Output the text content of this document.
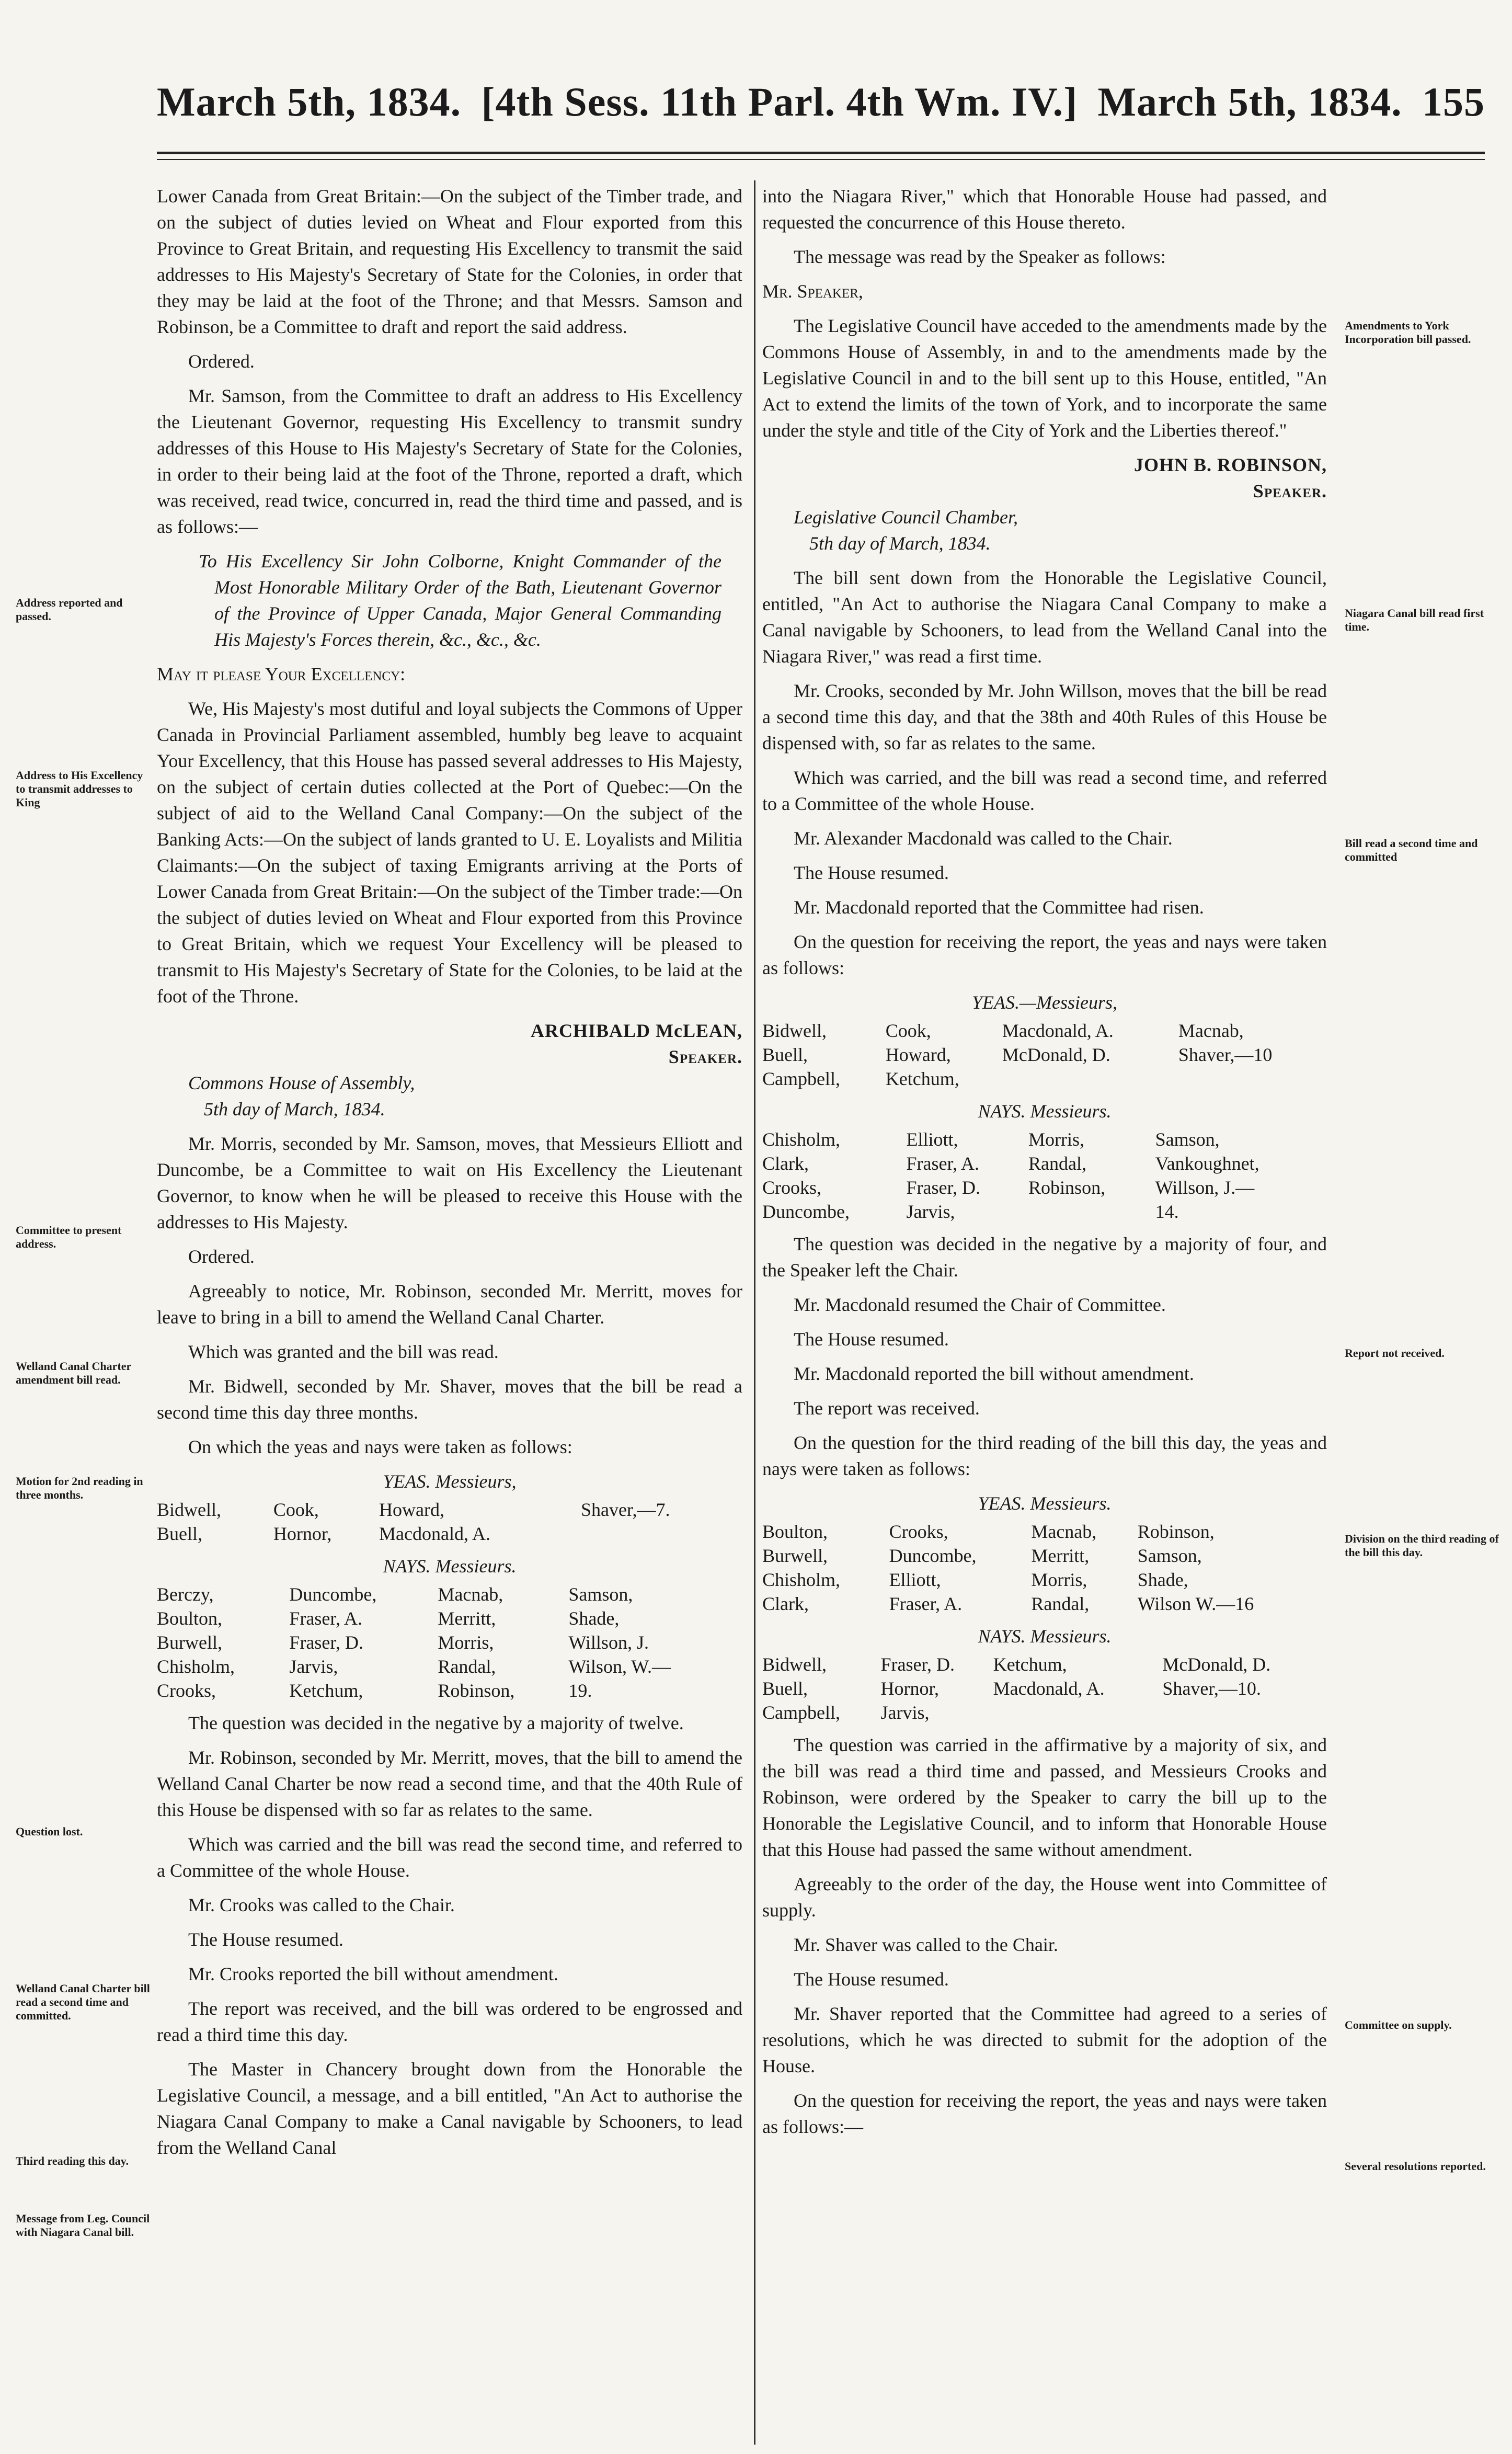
March 5th, 1834. [4th Sess. 11th Parl. 4th Wm. IV.] March 5th, 1834. 155
Address reported and passed.
Address to His Excellency to transmit addresses to King
Committee to present address.
Welland Canal Charter amendment bill read.
Motion for 2nd reading in three months.
Question lost.
Welland Canal Charter bill read a second time and committed.
Third reading this day.
Message from Leg. Council with Niagara Canal bill.

Lower Canada from Great Britain:—On the subject of the Timber trade, and on the subject of duties levied on Wheat and Flour exported from this Province to Great Britain, and requesting His Excellency to transmit the said addresses to His Majesty's Secretary of State for the Colonies, in order that they may be laid at the foot of the Throne; and that Messrs. Samson and Robinson, be a Committee to draft and report the said address.

Ordered.

Mr. Samson, from the Committee to draft an address to His Excellency the Lieutenant Governor, requesting His Excellency to transmit sundry addresses of this House to His Majesty's Secretary of State for the Colonies, in order to their being laid at the foot of the Throne, reported a draft, which was received, read twice, concurred in, read the third time and passed, and is as follows:—

To His Excellency Sir John Colborne, Knight Commander of the Most Honorable Military Order of the Bath, Lieutenant Governor of the Province of Upper Canada, Major General Commanding His Majesty's Forces therein, &c., &c., &c.

May it please Your Excellency:

We, His Majesty's most dutiful and loyal subjects the Commons of Upper Canada in Provincial Parliament assembled, humbly beg leave to acquaint Your Excellency, that this House has passed several addresses to His Majesty, on the subject of certain duties collected at the Port of Quebec:—On the subject of aid to the Welland Canal Company:—On the subject of the Banking Acts:—On the subject of lands granted to U. E. Loyalists and Militia Claimants:—On the subject of taxing Emigrants arriving at the Ports of Lower Canada from Great Britain:—On the subject of the Timber trade:—On the subject of duties levied on Wheat and Flour exported from this Province to Great Britain, which we request Your Excellency will be pleased to transmit to His Majesty's Secretary of State for the Colonies, to be laid at the foot of the Throne.

ARCHIBALD McLEAN,
Speaker.
Commons House of Assembly,

5th day of March, 1834.

Mr. Morris, seconded by Mr. Samson, moves, that Messieurs Elliott and Duncombe, be a Committee to wait on His Excellency the Lieutenant Governor, to know when he will be pleased to receive this House with the addresses to His Majesty.

Ordered.

Agreeably to notice, Mr. Robinson, seconded Mr. Merritt, moves for leave to bring in a bill to amend the Welland Canal Charter.

Which was granted and the bill was read.

Mr. Bidwell, seconded by Mr. Shaver, moves that the bill be read a second time this day three months.

On which the yeas and nays were taken as follows:

YEAS. Messieurs,
Bidwell,	Cook,	Howard,	Shaver,—7.
Buell,	Hornor,	Macdonald, A.	
NAYS. Messieurs.
Berczy,	Duncombe,	Macnab,	Samson,
Boulton,	Fraser, A.	Merritt,	Shade,
Burwell,	Fraser, D.	Morris,	Willson, J.
Chisholm,	Jarvis,	Randal,	Wilson, W.—
Crooks,	Ketchum,	Robinson,	19.

The question was decided in the negative by a majority of twelve.

Mr. Robinson, seconded by Mr. Merritt, moves, that the bill to amend the Welland Canal Charter be now read a second time, and that the 40th Rule of this House be dispensed with so far as relates to the same.

Which was carried and the bill was read the second time, and referred to a Committee of the whole House.

Mr. Crooks was called to the Chair.

The House resumed.

Mr. Crooks reported the bill without amendment.

The report was received, and the bill was ordered to be engrossed and read a third time this day.

The Master in Chancery brought down from the Honorable the Legislative Council, a message, and a bill entitled, "An Act to authorise the Niagara Canal Company to make a Canal navigable by Schooners, to lead from the Welland Canal

into the Niagara River," which that Honorable House had passed, and requested the concurrence of this House thereto.

The message was read by the Speaker as follows:

Mr. Speaker,

The Legislative Council have acceded to the amendments made by the Commons House of Assembly, in and to the amendments made by the Legislative Council in and to the bill sent up to this House, entitled, "An Act to extend the limits of the town of York, and to incorporate the same under the style and title of the City of York and the Liberties thereof."

JOHN B. ROBINSON,
Speaker.
Legislative Council Chamber,

5th day of March, 1834.

The bill sent down from the Honorable the Legislative Council, entitled, "An Act to authorise the Niagara Canal Company to make a Canal navigable by Schooners, to lead from the Welland Canal into the Niagara River," was read a first time.

Mr. Crooks, seconded by Mr. John Willson, moves that the bill be read a second time this day, and that the 38th and 40th Rules of this House be dispensed with, so far as relates to the same.

Which was carried, and the bill was read a second time, and referred to a Committee of the whole House.

Mr. Alexander Macdonald was called to the Chair.

The House resumed.

Mr. Macdonald reported that the Committee had risen.

On the question for receiving the report, the yeas and nays were taken as follows:

YEAS.—Messieurs,
Bidwell,	Cook,	Macdonald, A.	Macnab,
Buell,	Howard,	McDonald, D.	Shaver,—10
Campbell,	Ketchum,		
NAYS. Messieurs.
Chisholm,	Elliott,	Morris,	Samson,
Clark,	Fraser, A.	Randal,	Vankoughnet,
Crooks,	Fraser, D.	Robinson,	Willson, J.—
Duncombe,	Jarvis,		14.

The question was decided in the negative by a majority of four, and the Speaker left the Chair.

Mr. Macdonald resumed the Chair of Committee.

The House resumed.

Mr. Macdonald reported the bill without amendment.

The report was received.

On the question for the third reading of the bill this day, the yeas and nays were taken as follows:

YEAS. Messieurs.
Boulton,	Crooks,	Macnab,	Robinson,
Burwell,	Duncombe,	Merritt,	Samson,
Chisholm,	Elliott,	Morris,	Shade,
Clark,	Fraser, A.	Randal,	Wilson W.—16
NAYS. Messieurs.
Bidwell,	Fraser, D.	Ketchum,	McDonald, D.
Buell,	Hornor,	Macdonald, A.	Shaver,—10.
Campbell,	Jarvis,		

The question was carried in the affirmative by a majority of six, and the bill was read a third time and passed, and Messieurs Crooks and Robinson, were ordered by the Speaker to carry the bill up to the Honorable the Legislative Council, and to inform that Honorable House that this House had passed the same without amendment.

Agreeably to the order of the day, the House went into Committee of supply.

Mr. Shaver was called to the Chair.

The House resumed.

Mr. Shaver reported that the Committee had agreed to a series of resolutions, which he was directed to submit for the adoption of the House.

On the question for receiving the report, the yeas and nays were taken as follows:—

Amendments to York Incorporation bill passed.
Niagara Canal bill read first time.
Bill read a second time and committed
Report not received.
Division on the third reading of the bill this day.
Committee on supply.
Several resolutions reported.
